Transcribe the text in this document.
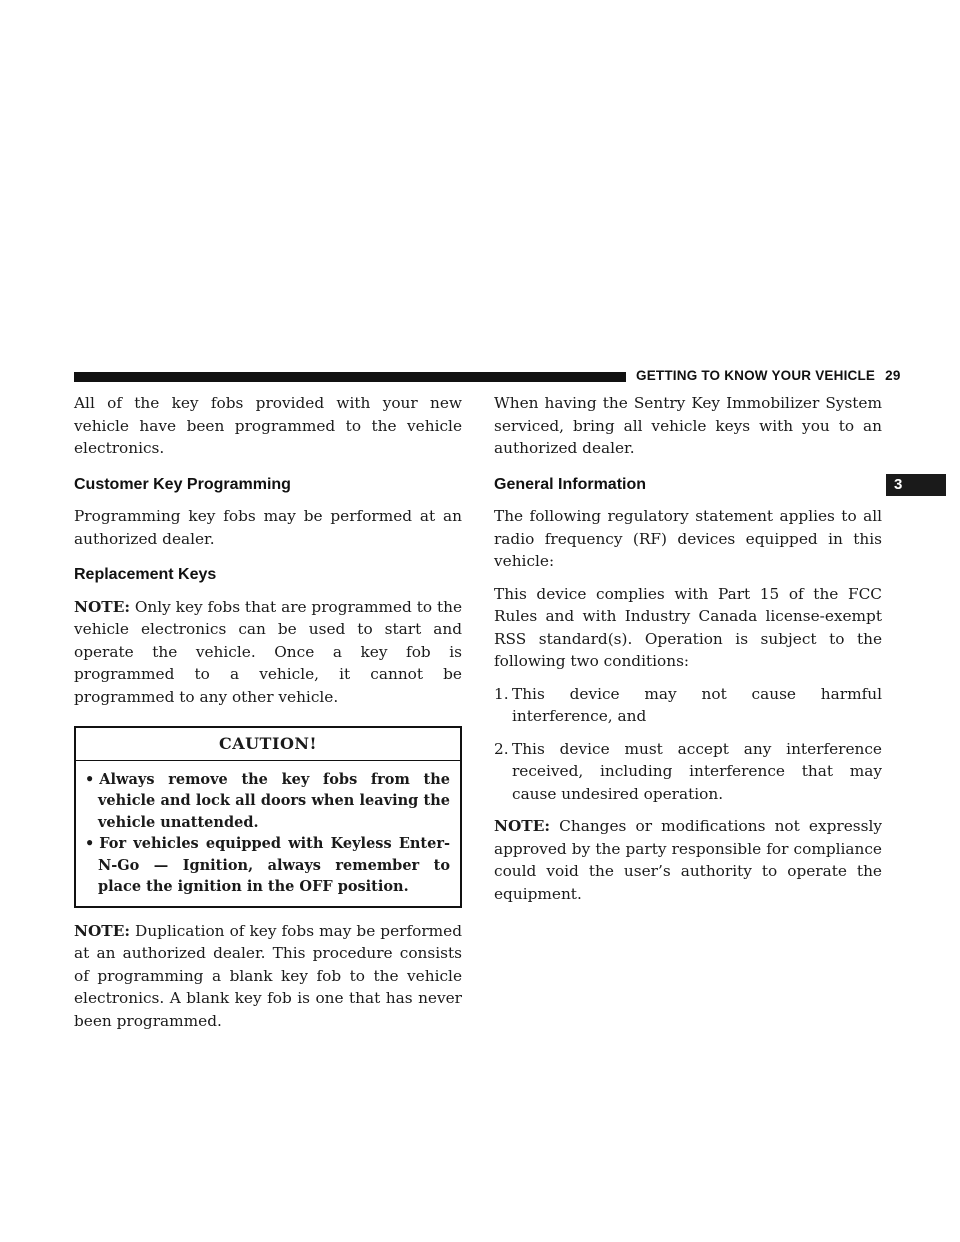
GETTING TO KNOW YOUR VEHICLE 29
3

All of the key fobs provided with your new vehicle have been programmed to the vehicle electronics.

Customer Key Programming

Programming key fobs may be performed at an authorized dealer.

Replacement Keys

NOTE: Only key fobs that are programmed to the vehicle electronics can be used to start and operate the vehicle. Once a key fob is programmed to a vehicle, it cannot be programmed to any other vehicle.

CAUTION!
• Always remove the key fobs from the vehicle and lock all doors when leaving the vehicle unattended.
• For vehicles equipped with Keyless Enter-N-Go — Ignition, always remember to place the ignition in the OFF position.

NOTE: Duplication of key fobs may be performed at an authorized dealer. This procedure consists of programming a blank key fob to the vehicle electronics. A blank key fob is one that has never been programmed.

When having the Sentry Key Immobilizer System serviced, bring all vehicle keys with you to an authorized dealer.

General Information

The following regulatory statement applies to all radio frequency (RF) devices equipped in this vehicle:

This device complies with Part 15 of the FCC Rules and with Industry Canada license-exempt RSS standard(s). Operation is subject to the following two conditions:

1. This device may not cause harmful interference, and
2. This device must accept any interference received, including interference that may cause undesired operation.

NOTE: Changes or modifications not expressly approved by the party responsible for compliance could void the user’s authority to operate the equipment.
